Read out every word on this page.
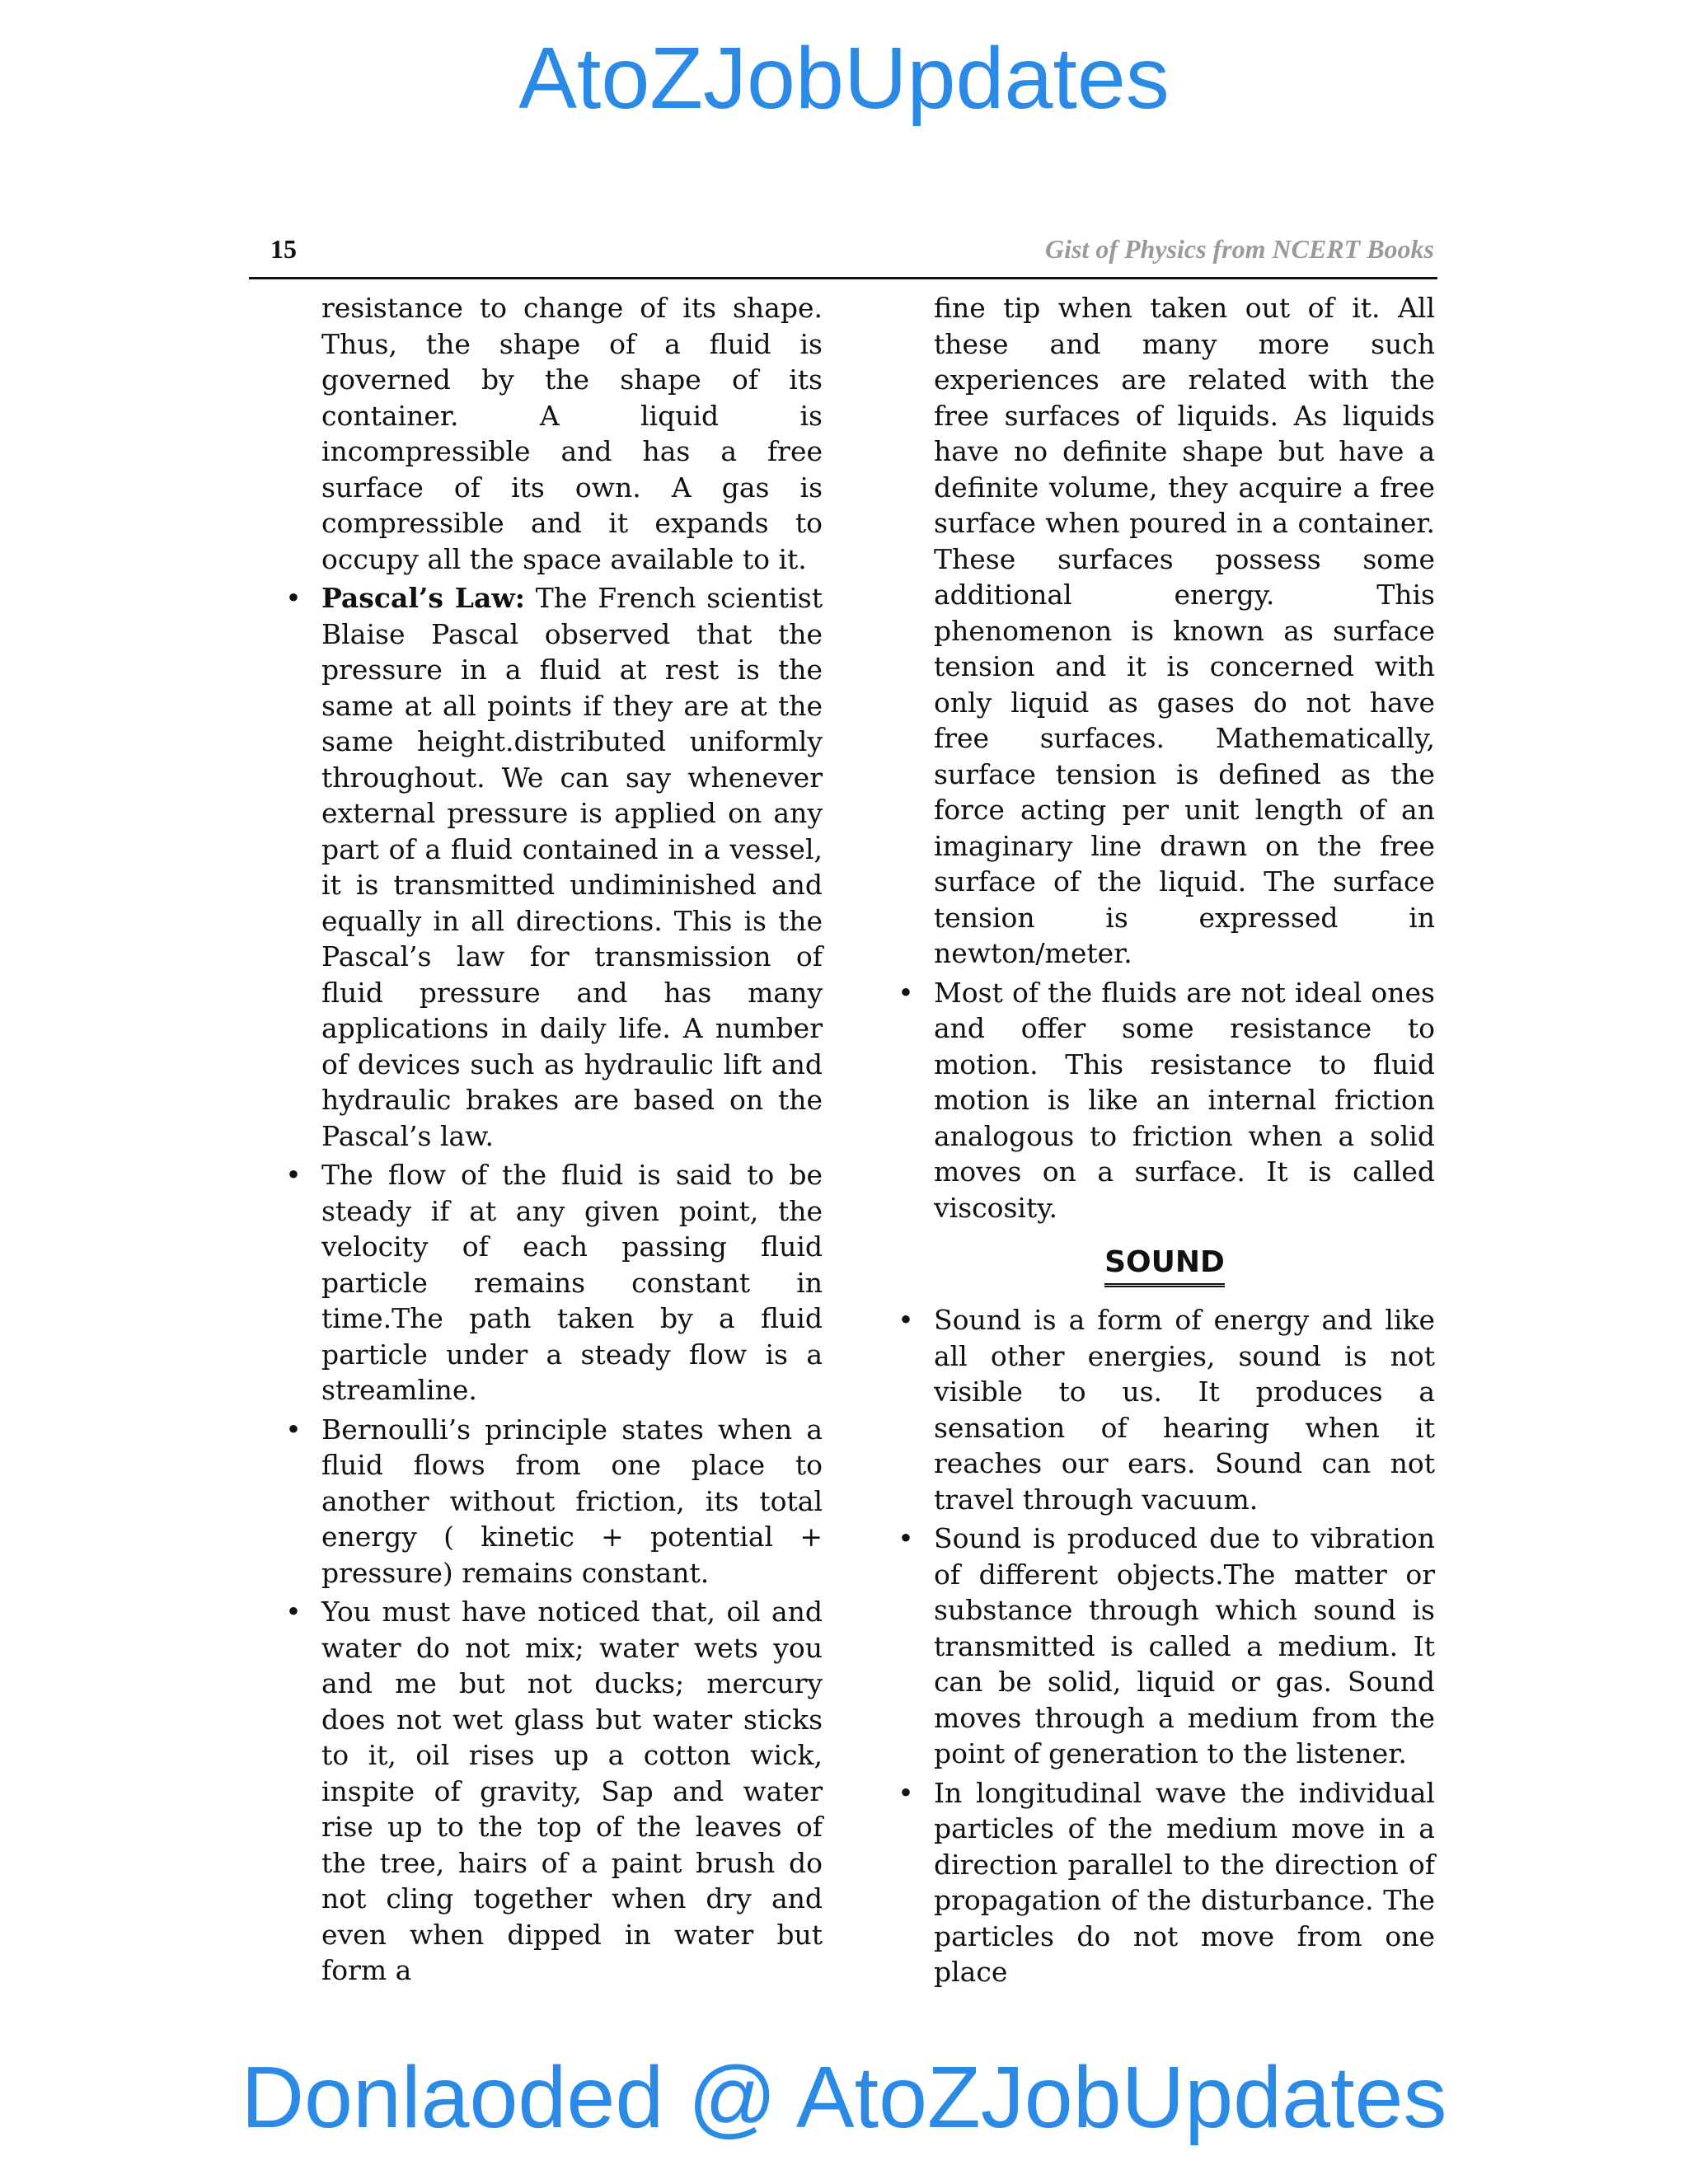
AtoZJobUpdates
15	Gist of Physics from NCERT Books

resistance to change of its shape. Thus, the shape of a fluid is governed by the shape of its container. A liquid is incompressible and has a free surface of its own. A gas is compressible and it expands to occupy all the space available to it.

• Pascal’s Law: The French scientist Blaise Pascal observed that the pressure in a fluid at rest is the same at all points if they are at the same height.distributed uniformly throughout. We can say whenever external pressure is applied on any part of a fluid contained in a vessel, it is transmitted undiminished and equally in all directions. This is the Pascal’s law for transmission of fluid pressure and has many applications in daily life. A number of devices such as hydraulic lift and hydraulic brakes are based on the Pascal’s law.
• The flow of the fluid is said to be steady if at any given point, the velocity of each passing fluid particle remains constant in time.The path taken by a fluid particle under a steady flow is a streamline.
• Bernoulli’s principle states when a fluid flows from one place to another without friction, its total energy ( kinetic + potential + pressure) remains constant.
• You must have noticed that, oil and water do not mix; water wets you and me but not ducks; mercury does not wet glass but water sticks to it, oil rises up a cotton wick, inspite of gravity, Sap and water rise up to the top of the leaves of the tree, hairs of a paint brush do not cling together when dry and even when dipped in water but form a

fine tip when taken out of it. All these and many more such experiences are related with the free surfaces of liquids. As liquids have no definite shape but have a definite volume, they acquire a free surface when poured in a container. These surfaces possess some additional energy. This phenomenon is known as surface tension and it is concerned with only liquid as gases do not have free surfaces. Mathematically, surface tension is defined as the force acting per unit length of an imaginary line drawn on the free surface of the liquid. The surface tension is expressed in newton/meter.

• Most of the fluids are not ideal ones and offer some resistance to motion. This resistance to fluid motion is like an internal friction analogous to friction when a solid moves on a surface. It is called viscosity.
SOUND
• Sound is a form of energy and like all other energies, sound is not visible to us. It produces a sensation of hearing when it reaches our ears. Sound can not travel through vacuum.
• Sound is produced due to vibration of different objects.The matter or substance through which sound is transmitted is called a medium. It can be solid, liquid or gas. Sound moves through a medium from the point of generation to the listener.
• In longitudinal wave the individual particles of the medium move in a direction parallel to the direction of propagation of the disturbance. The particles do not move from one place
Donlaoded @ AtoZJobUpdates
